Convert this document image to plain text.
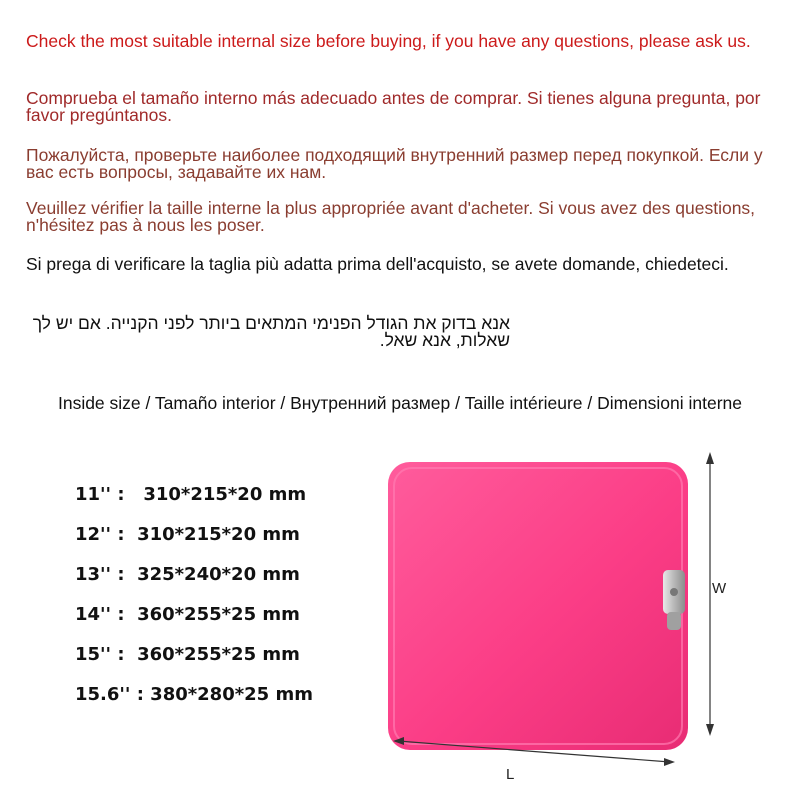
Check the most suitable internal size before buying, if you have any questions, please ask us.

Comprueba el tamaño interno más adecuado antes de comprar. Si tienes alguna pregunta, por favor pregúntanos.

Пожалуйста, проверьте наиболее подходящий внутренний размер перед покупкой. Если у вас есть вопросы, задавайте их нам.

Veuillez vérifier la taille interne la plus appropriée avant d'acheter. Si vous avez des questions, n'hésitez pas à nous les poser.

Si prega di verificare la taglia più adatta prima dell'acquisto, se avete domande, chiedeteci.

אנא בדוק את הגודל הפנימי המתאים ביותר לפני הקנייה. אם יש לך שאלות, אנא שאל.

Inside size / Tamaño interior / Внутренний размер / Taille intérieure / Dimensioni interne

11'' :   310*215*20 mm
12'' :  310*215*20 mm
13'' :  325*240*20 mm
14'' :  360*255*25 mm
15'' :  360*255*25 mm
15.6'' : 380*280*25 mm
W
L
